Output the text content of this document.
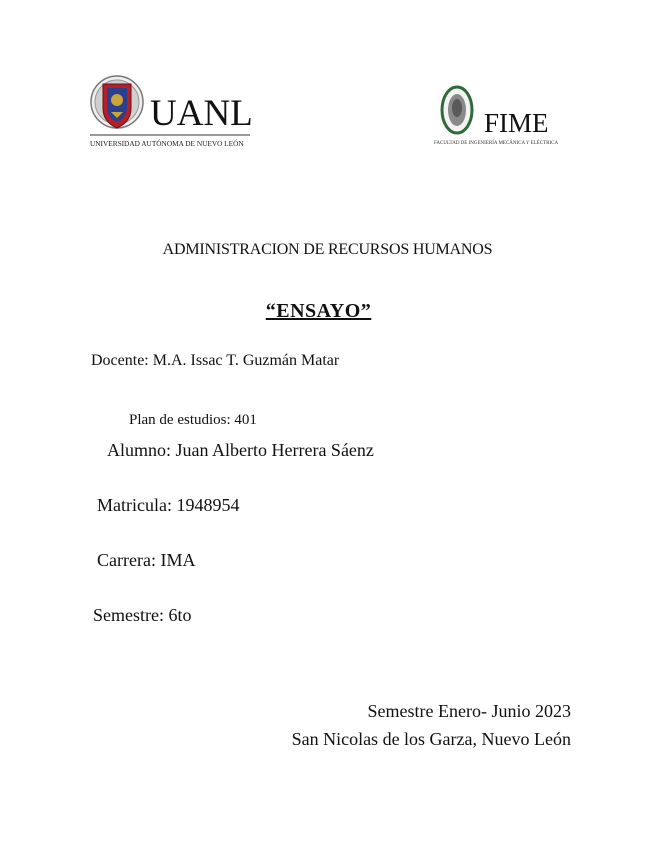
UANL
UNIVERSIDAD AUTÓNOMA DE NUEVO LEÓN
FIME
FACULTAD DE INGENIERÍA MECÁNICA Y ELÉCTRICA
ADMINISTRACION DE RECURSOS HUMANOS
“ENSAYO”
Docente: M.A. Issac T. Guzmán Matar
Plan de estudios: 401
Alumno: Juan Alberto Herrera Sáenz
Matricula: 1948954
Carrera: IMA
Semestre: 6to
Semestre Enero- Junio 2023
San Nicolas de los Garza, Nuevo León
